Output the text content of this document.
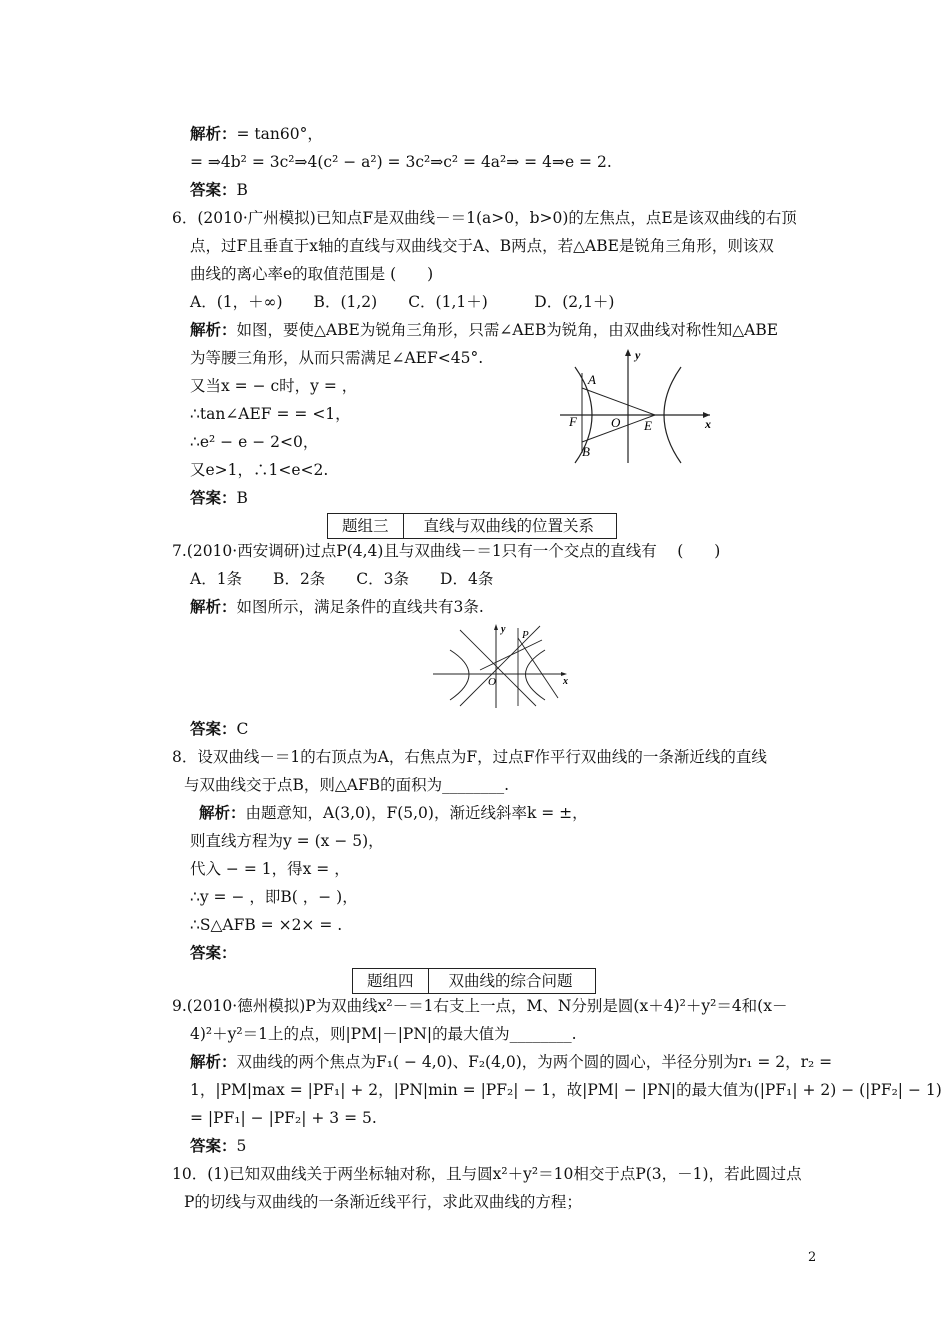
解析：= tan60°，
= ⇒4b² = 3c²⇒4(c² − a²) = 3c²⇒c² = 4a²⇒ = 4⇒e = 2.
答案：B
6．(2010·广州模拟)已知点F是双曲线－＝1(a>0，b>0)的左焦点，点E是该双曲线的右顶
点，过F且垂直于x轴的直线与双曲线交于A、B两点，若△ABE是锐角三角形，则该双
曲线的离心率e的取值范围是 (　　)
A．(1，＋∞)　　B．(1,2)　　C．(1,1＋)　　　D．(2,1＋)
解析：如图，要使△ABE为锐角三角形，只需∠AEB为锐角，由双曲线对称性知△ABE
为等腰三角形，从而只需满足∠AEF<45°.
又当x = − c时，y = ，
∴tan∠AEF = = <1，
∴e² − e − 2<0，
又e>1，∴1<e<2.
答案：B
y
A
F	O E	x
B
题组三	直线与双曲线的位置关系
7.(2010·西安调研)过点P(4,4)且与双曲线－＝1只有一个交点的直线有　 (　　)
A．1条　　B．2条　　C．3条　　D．4条
解析：如图所示，满足条件的直线共有3条.
y P
O	x
答案：C
8．设双曲线－＝1的右顶点为A，右焦点为F，过点F作平行双曲线的一条渐近线的直线
与双曲线交于点B，则△AFB的面积为________.
解析：由题意知，A(3,0)，F(5,0)，渐近线斜率k = ±，
则直线方程为y = (x − 5)，
代入 − = 1，得x = ，
∴y = − ，即B( ，− )，
∴S△AFB = ×2× = .
答案：
题组四	双曲线的综合问题
9.(2010·德州模拟)P为双曲线x²－＝1右支上一点，M、N分别是圆(x＋4)²＋y²＝4和(x－
4)²＋y²＝1上的点，则|PM|－|PN|的最大值为________.
解析：双曲线的两个焦点为F₁( − 4,0)、F₂(4,0)，为两个圆的圆心，半径分别为r₁ = 2，r₂ =
1，|PM|max = |PF₁| + 2，|PN|min = |PF₂| − 1，故|PM| − |PN|的最大值为(|PF₁| + 2) − (|PF₂| − 1)
= |PF₁| − |PF₂| + 3 = 5.
答案：5
10．(1)已知双曲线关于两坐标轴对称，且与圆x²＋y²＝10相交于点P(3，－1)，若此圆过点
P的切线与双曲线的一条渐近线平行，求此双曲线的方程；
2
